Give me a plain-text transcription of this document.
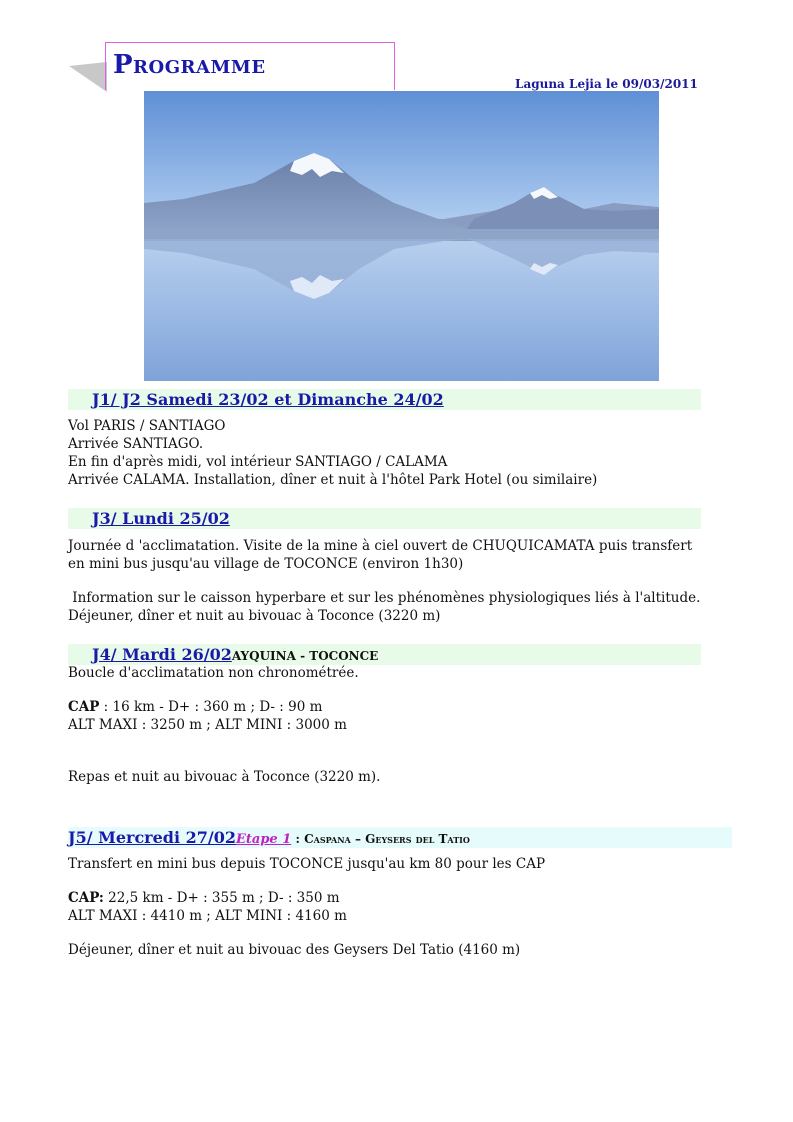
Programme
Laguna Lejia le 09/03/2011
J1/ J2 Samedi 23/02 et Dimanche 24/02

Vol PARIS / SANTIAGO

Arrivée SANTIAGO.

En fin d'après midi, vol intérieur SANTIAGO / CALAMA

Arrivée CALAMA. Installation, dîner et nuit à l'hôtel Park Hotel (ou similaire)

J3/ Lundi 25/02

Journée d 'acclimatation. Visite de la mine à ciel ouvert de CHUQUICAMATA puis transfert

en mini bus jusqu'au village de TOCONCE (environ 1h30)

Information sur le caisson hyperbare et sur les phénomènes physiologiques liés à l'altitude.

Déjeuner, dîner et nuit au bivouac à Toconce (3220 m)

J4/ Mardi 26/02AYQUINA - TOCONCE

Boucle d'acclimatation non chronométrée.

CAP : 16 km - D+ : 360 m ; D- : 90 m

ALT MAXI : 3250 m ; ALT MINI : 3000 m

Repas et nuit au bivouac à Toconce (3220 m).

J5/ Mercredi 27/02Etape 1 : Caspana – Geysers del Tatio

Transfert en mini bus depuis TOCONCE jusqu'au km 80 pour les CAP

CAP: 22,5 km - D+ : 355 m ; D- : 350 m

ALT MAXI : 4410 m ; ALT MINI : 4160 m

Déjeuner, dîner et nuit au bivouac des Geysers Del Tatio (4160 m)
